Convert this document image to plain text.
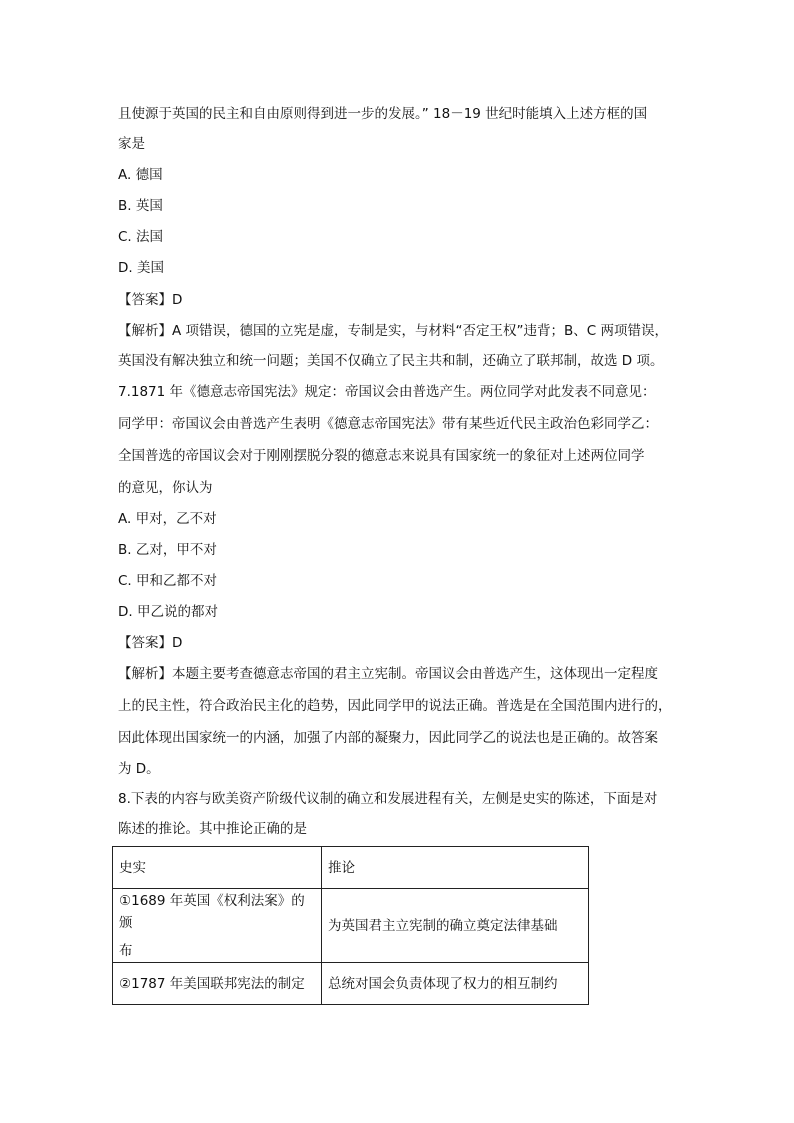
且使源于英国的民主和自由原则得到进一步的发展。” 18－19 世纪时能填入上述方框的国
家是
A. 德国
B. 英国
C. 法国
D. 美国
【答案】D
【解析】A 项错误，德国的立宪是虚，专制是实，与材料“否定王权”违背；B、C 两项错误，
英国没有解决独立和统一问题；美国不仅确立了民主共和制，还确立了联邦制，故选 D 项。
7.1871 年《德意志帝国宪法》规定：帝国议会由普选产生。两位同学对此发表不同意见：
同学甲：帝国议会由普选产生表明《德意志帝国宪法》带有某些近代民主政治色彩同学乙：
全国普选的帝国议会对于刚刚摆脱分裂的德意志来说具有国家统一的象征对上述两位同学
的意见，你认为
A. 甲对，乙不对
B. 乙对，甲不对
C. 甲和乙都不对
D. 甲乙说的都对
【答案】D
【解析】本题主要考查德意志帝国的君主立宪制。帝国议会由普选产生，这体现出一定程度
上的民主性，符合政治民主化的趋势，因此同学甲的说法正确。普选是在全国范围内进行的，
因此体现出国家统一的内涵，加强了内部的凝聚力，因此同学乙的说法也是正确的。故答案
为 D。
8.下表的内容与欧美资产阶级代议制的确立和发展进程有关，左侧是史实的陈述，下面是对
陈述的推论。其中推论正确的是
史实	推论

①1689 年英国《权利法案》的颁
布	为英国君主立宪制的确立奠定法律基础
②1787 年美国联邦宪法的制定	总统对国会负责体现了权力的相互制约
